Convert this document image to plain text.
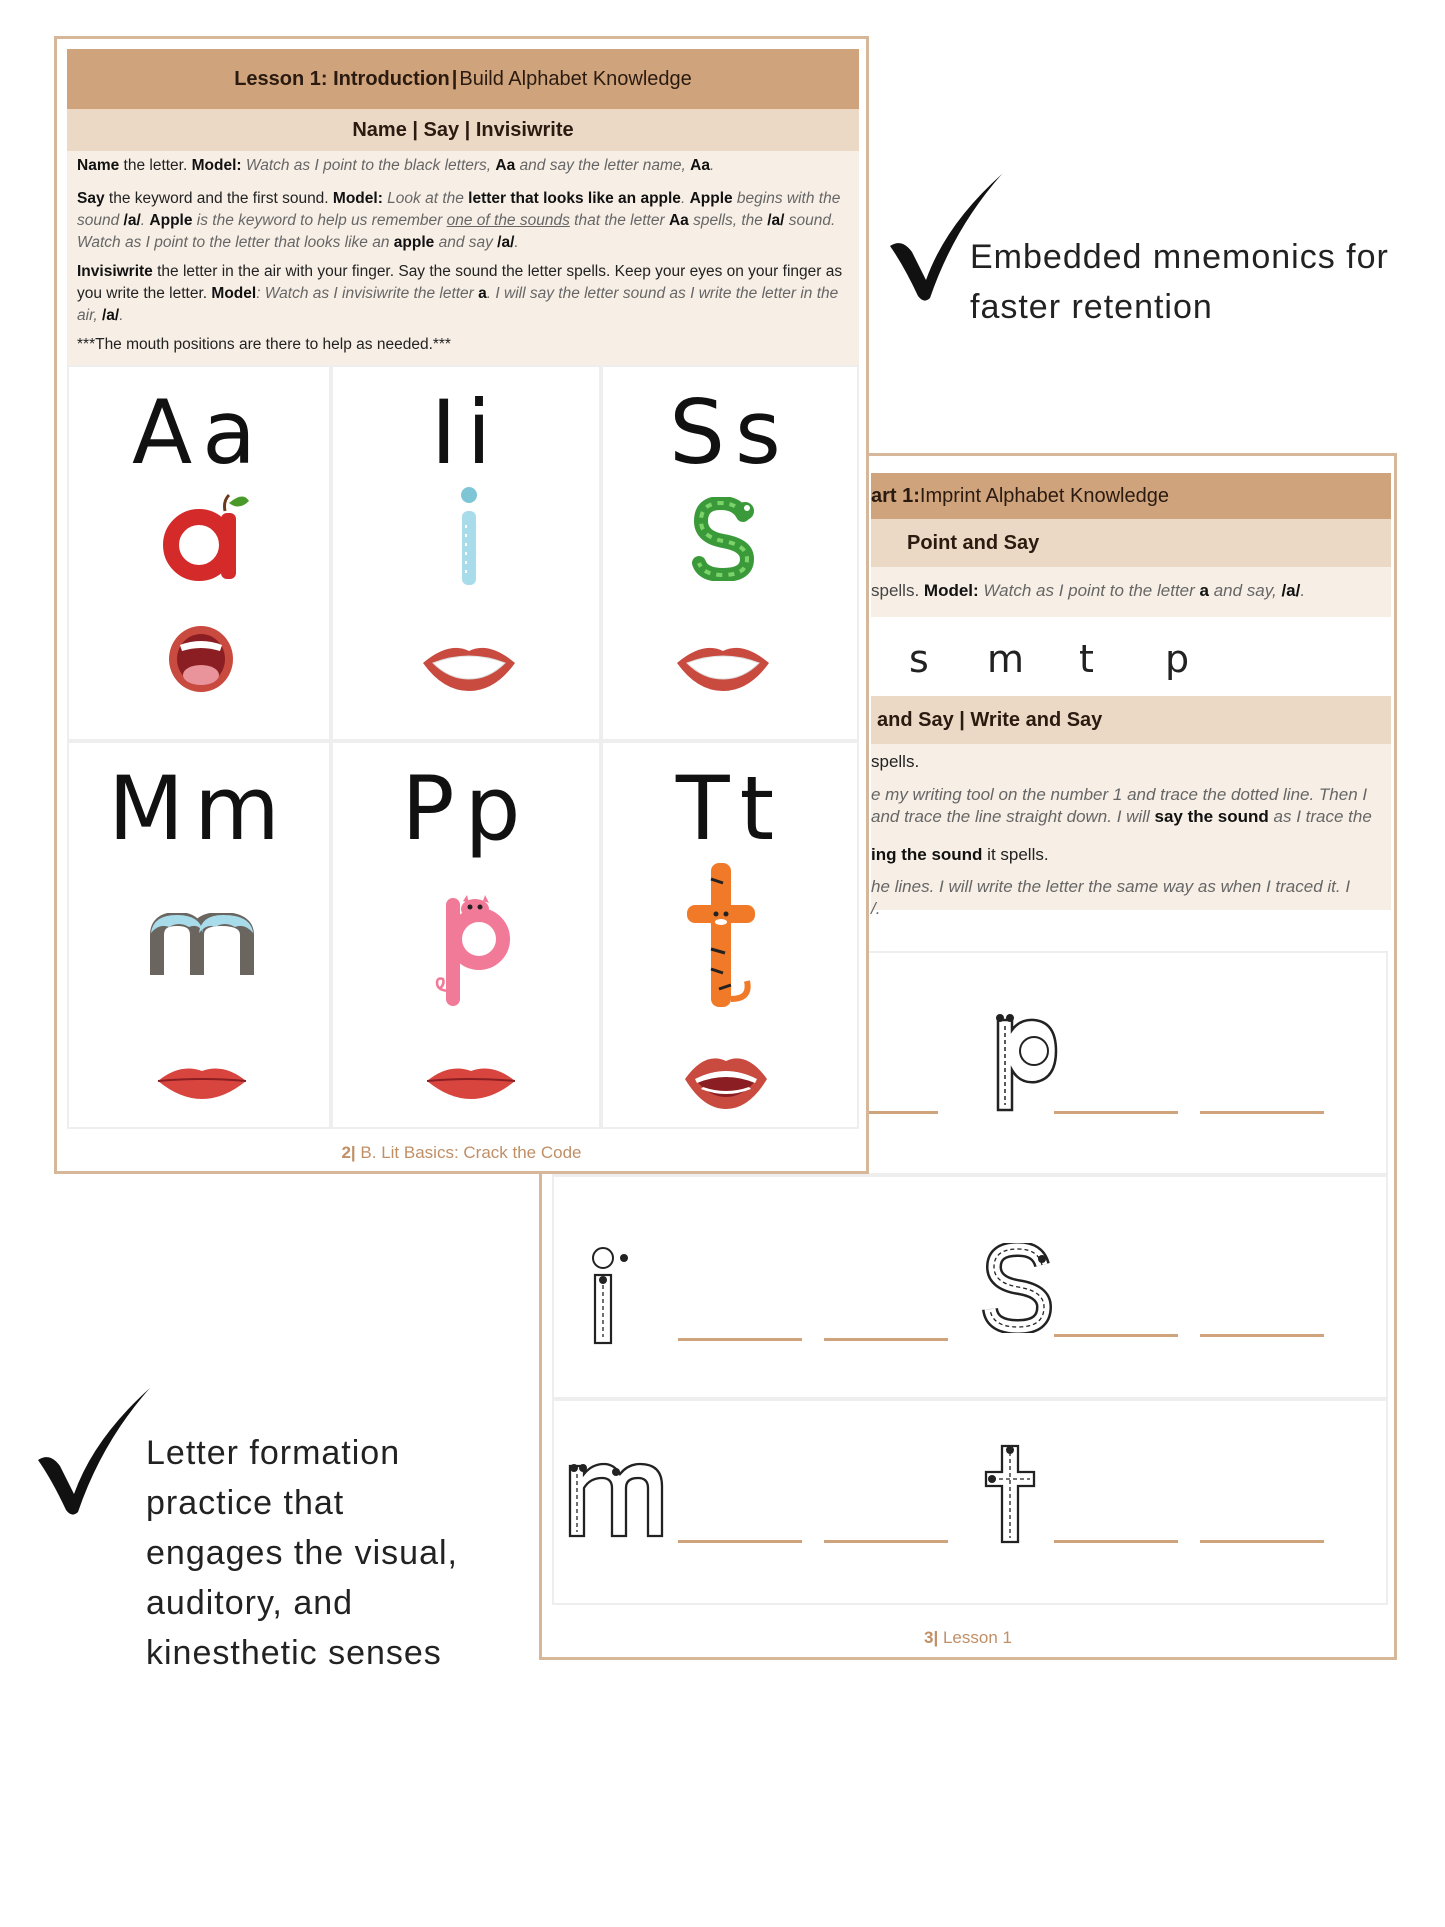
art 1: Imprint Alphabet Knowledge
Point and Say
spells. Model: Watch as I point to the letter a and say, /a/.
s m t p
and Say | Write and Say
spells.
e my writing tool on the number 1 and trace the dotted line. Then I
and trace the line straight down. I will say the sound as I trace the
ing the sound it spells.
he lines. I will write the letter the same way as when I traced it. I
/.
3| Lesson 1
Lesson 1: Introduction | Build Alphabet Knowledge
Name | Say | Invisiwrite
Name the letter. Model: Watch as I point to the black letters, Aa and say the letter name, Aa.
Say the keyword and the first sound. Model: Look at the letter that looks like an apple. Apple begins with the sound /a/. Apple is the keyword to help us remember one of the sounds that the letter Aa spells, the /a/ sound. Watch as I point to the letter that looks like an apple and say /a/.
Invisiwrite the letter in the air with your finger. Say the sound the letter spells. Keep your eyes on your finger as you write the letter. Model: Watch as I invisiwrite the letter a. I will say the letter sound as I write the letter in the air, /a/.
***The mouth positions are there to help as needed.***
Aa	Ii	Ss
Mm	Pp	Tt
2| B. Lit Basics: Crack the Code
Embedded mnemonics for faster retention
Letter formation practice that engages the visual, auditory, and kinesthetic senses
